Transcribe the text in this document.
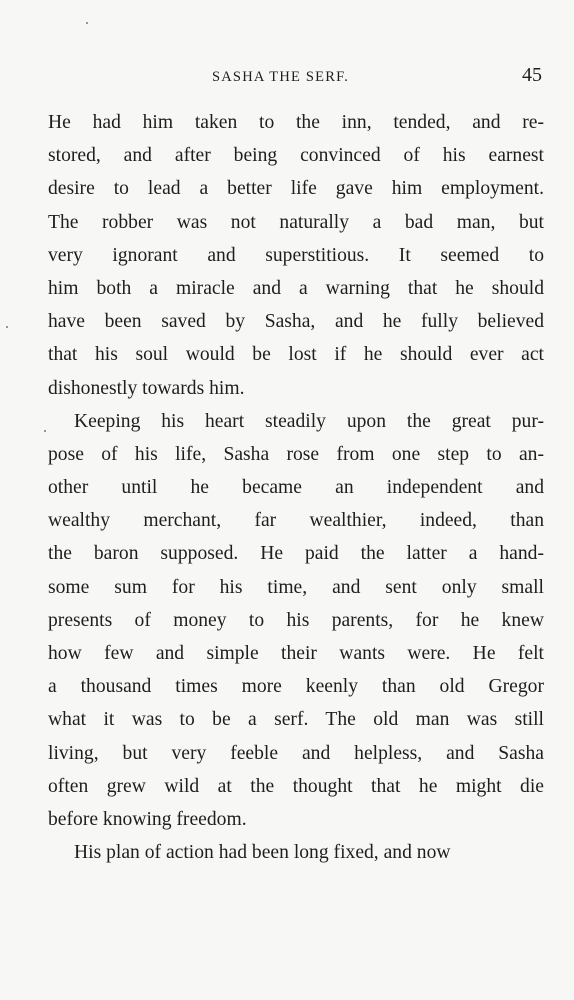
SASHA THE SERF.	45
He had him taken to the inn, tended, and re-
stored, and after being convinced of his earnest
desire to lead a better life gave him employment.
The robber was not naturally a bad man, but
very ignorant and superstitious. It seemed to
him both a miracle and a warning that he should
have been saved by Sasha, and he fully believed
that his soul would be lost if he should ever act
dishonestly towards him.
Keeping his heart steadily upon the great pur-
pose of his life, Sasha rose from one step to an-
other until he became an independent and
wealthy merchant, far wealthier, indeed, than
the baron supposed. He paid the latter a hand-
some sum for his time, and sent only small
presents of money to his parents, for he knew
how few and simple their wants were. He felt
a thousand times more keenly than old Gregor
what it was to be a serf. The old man was still
living, but very feeble and helpless, and Sasha
often grew wild at the thought that he might die
before knowing freedom.
His plan of action had been long fixed, and now
